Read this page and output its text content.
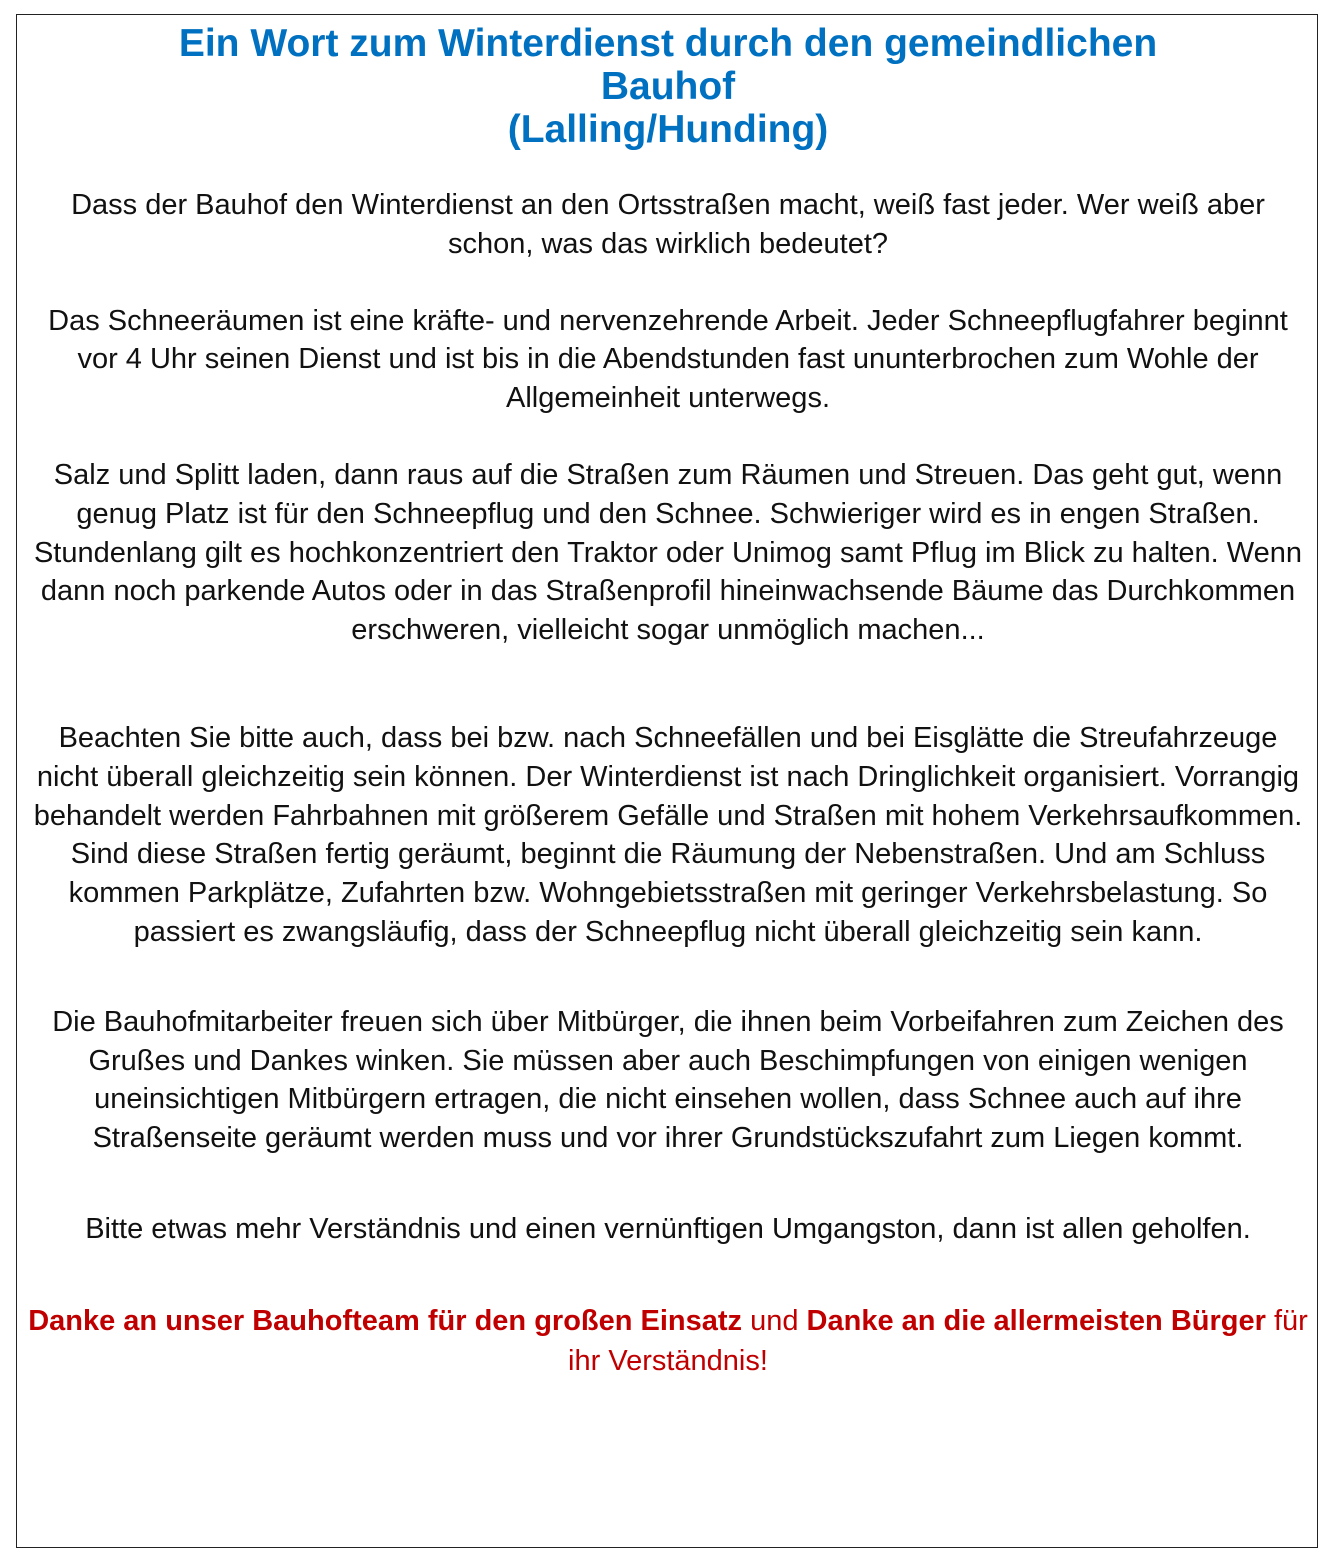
Ein Wort zum Winterdienst durch den gemeindlichen
Bauhof
(Lalling/Hunding)

Dass der Bauhof den Winterdienst an den Ortsstraßen macht, weiß fast jeder. Wer weiß aber schon, was das wirklich bedeutet?

Das Schneeräumen ist eine kräfte- und nervenzehrende Arbeit. Jeder Schneepflugfahrer beginnt vor 4 Uhr seinen Dienst und ist bis in die Abendstunden fast ununterbrochen zum Wohle der Allgemeinheit unterwegs.

Salz und Splitt laden, dann raus auf die Straßen zum Räumen und Streuen. Das geht gut, wenn genug Platz ist für den Schneepflug und den Schnee. Schwieriger wird es in engen Straßen. Stundenlang gilt es hochkonzentriert den Traktor oder Unimog samt Pflug im Blick zu halten. Wenn dann noch parkende Autos oder in das Straßenprofil hineinwachsende Bäume das Durchkommen erschweren, vielleicht sogar unmöglich machen...

Beachten Sie bitte auch, dass bei bzw. nach Schneefällen und bei Eisglätte die Streufahrzeuge nicht überall gleichzeitig sein können. Der Winterdienst ist nach Dringlichkeit organisiert. Vorrangig behandelt werden Fahrbahnen mit größerem Gefälle und Straßen mit hohem Verkehrsaufkommen. Sind diese Straßen fertig geräumt, beginnt die Räumung der Nebenstraßen. Und am Schluss kommen Parkplätze, Zufahrten bzw. Wohngebietsstraßen mit geringer Verkehrsbelastung. So passiert es zwangsläufig, dass der Schneepflug nicht überall gleichzeitig sein kann.

Die Bauhofmitarbeiter freuen sich über Mitbürger, die ihnen beim Vorbeifahren zum Zeichen des Grußes und Dankes winken. Sie müssen aber auch Beschimpfungen von einigen wenigen uneinsichtigen Mitbürgern ertragen, die nicht einsehen wollen, dass Schnee auch auf ihre Straßenseite geräumt werden muss und vor ihrer Grundstückszufahrt zum Liegen kommt.

Bitte etwas mehr Verständnis und einen vernünftigen Umgangston, dann ist allen geholfen.

Danke an unser Bauhofteam für den großen Einsatz und Danke an die allermeisten Bürger für ihr Verständnis!
